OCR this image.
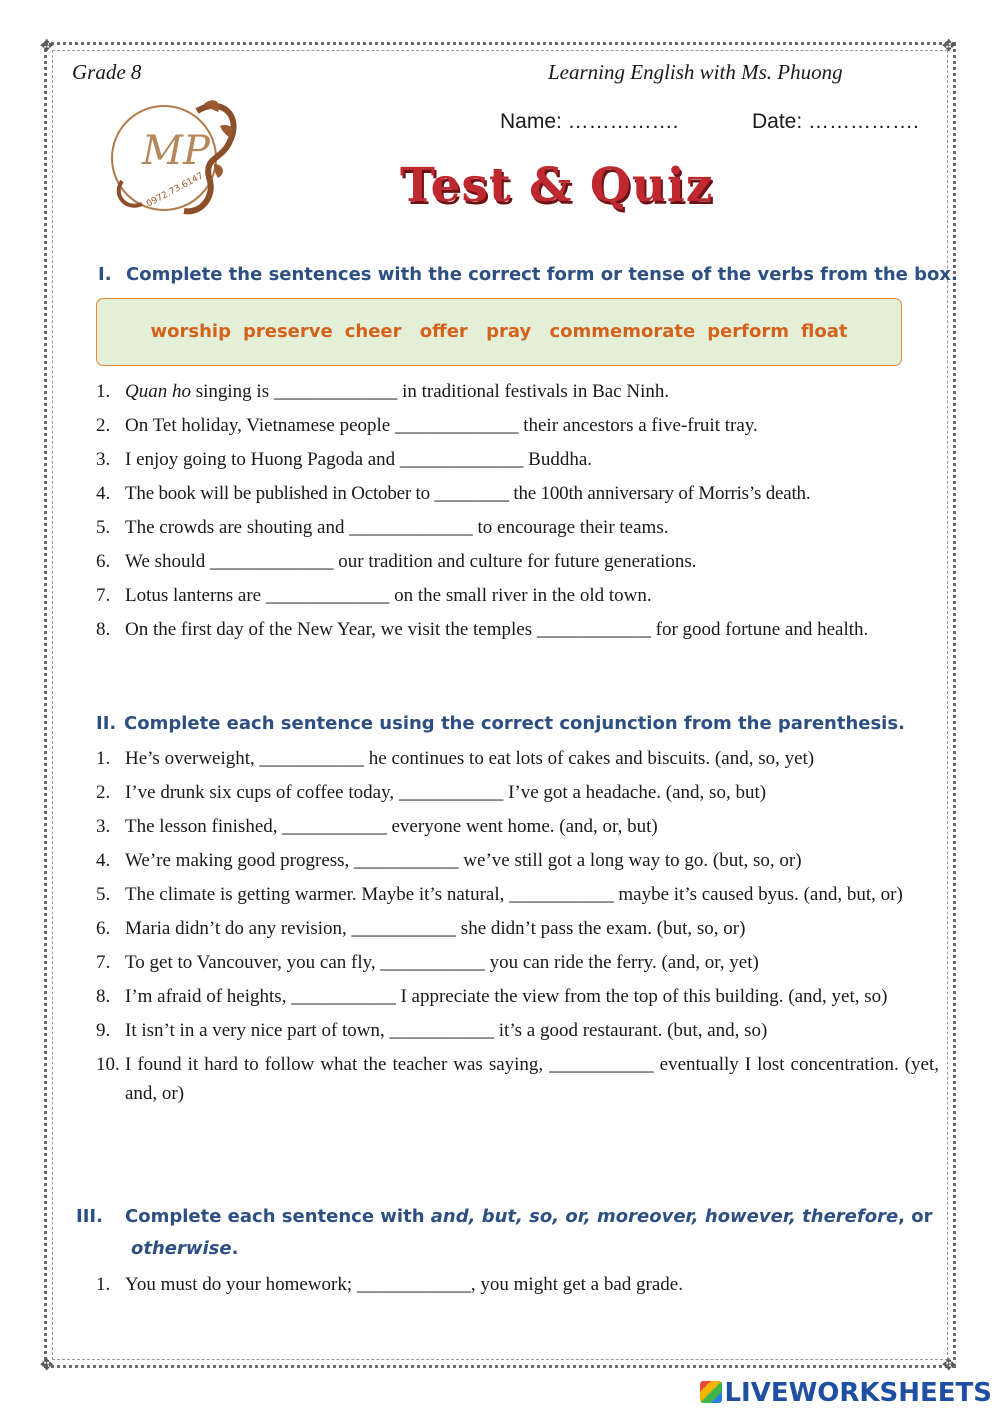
✥	✥
✥	✥
Grade 8	Learning English with Ms. Phuong
Name: …………….	Date: …………….
MP
0972.73.6147	Test & Quiz
I. Complete the sentences with the correct form or tense of the verbs from the box.
worship preserve cheer offer pray commemorate perform float
1. Quan ho singing is _____________ in traditional festivals in Bac Ninh.
2. On Tet holiday, Vietnamese people _____________ their ancestors a five-fruit tray.
3. I enjoy going to Huong Pagoda and _____________ Buddha.
4. The book will be published in October to ________ the 100th anniversary of Morris’s death.
5. The crowds are shouting and _____________ to encourage their teams.
6. We should _____________ our tradition and culture for future generations.
7. Lotus lanterns are _____________ on the small river in the old town.
8. On the first day of the New Year, we visit the temples ____________ for good fortune and health.
II. Complete each sentence using the correct conjunction from the parenthesis.
1. He’s overweight, ___________ he continues to eat lots of cakes and biscuits. (and, so, yet)
2. I’ve drunk six cups of coffee today, ___________ I’ve got a headache. (and, so, but)
3. The lesson finished, ___________ everyone went home. (and, or, but)
4. We’re making good progress, ___________ we’ve still got a long way to go. (but, so, or)
5. The climate is getting warmer. Maybe it’s natural, ___________ maybe it’s caused byus. (and, but, or)
6. Maria didn’t do any revision, ___________ she didn’t pass the exam. (but, so, or)
7. To get to Vancouver, you can fly, ___________ you can ride the ferry. (and, or, yet)
8. I’m afraid of heights, ___________ I appreciate the view from the top of this building. (and, yet, so)
9. It isn’t in a very nice part of town, ___________ it’s a good restaurant. (but, and, so)
10. I found it hard to follow what the teacher was saying, ___________ eventually I lost concentration. (yet, and, or)
III. Complete each sentence with and, but, so, or, moreover, however, therefore, or
otherwise.
1. You must do your homework; ____________, you might get a bad grade.
LIVEWORKSHEETS
